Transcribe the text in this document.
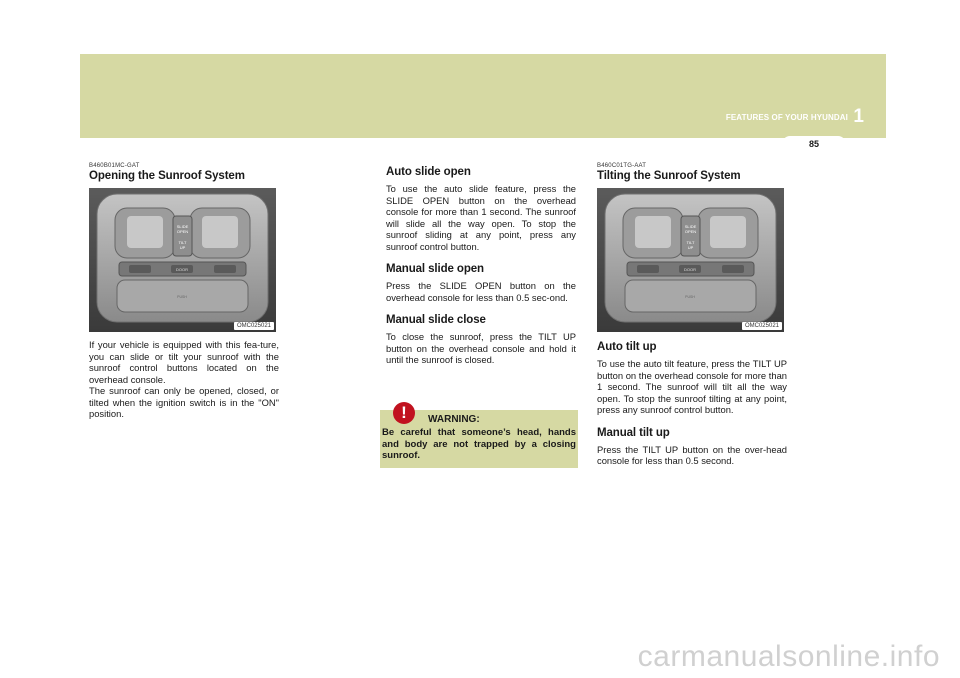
FEATURES OF YOUR HYUNDAI 1
85
B460B01MC-GAT
Opening the Sunroof System
SLIDE
OPEN
TILT
UP
DOOR
PUSH
OMC025021
If your vehicle is equipped with this fea-ture, you can slide or tilt your sunroof with the sunroof control buttons located on the overhead console.
The sunroof can only be opened, closed, or tilted when the ignition switch is in the "ON" position.
Auto slide open
To use the auto slide feature, press the SLIDE OPEN button on the overhead console for more than 1 second. The sunroof will slide all the way open. To stop the sunroof sliding at any point, press any sunroof control button.
Manual slide open
Press the SLIDE OPEN button on the overhead console for less than 0.5 sec-ond.
Manual slide close
To close the sunroof, press the TILT UP button on the overhead console and hold it until the sunroof is closed.
!	WARNING:
Be careful that someone’s head, hands and body are not trapped by a closing sunroof.
B460C01TG-AAT
Tilting the Sunroof System
SLIDE
OPEN
TILT
UP
DOOR
PUSH
OMC025021
Auto tilt up
To use the auto tilt feature, press the TILT UP button on the overhead console for more than 1 second. The sunroof will tilt all the way open. To stop the sunroof tilting at any point, press any sunroof control button.
Manual tilt up
Press the TILT UP button on the over-head console for less than 0.5 second.
carmanualsonline.info
